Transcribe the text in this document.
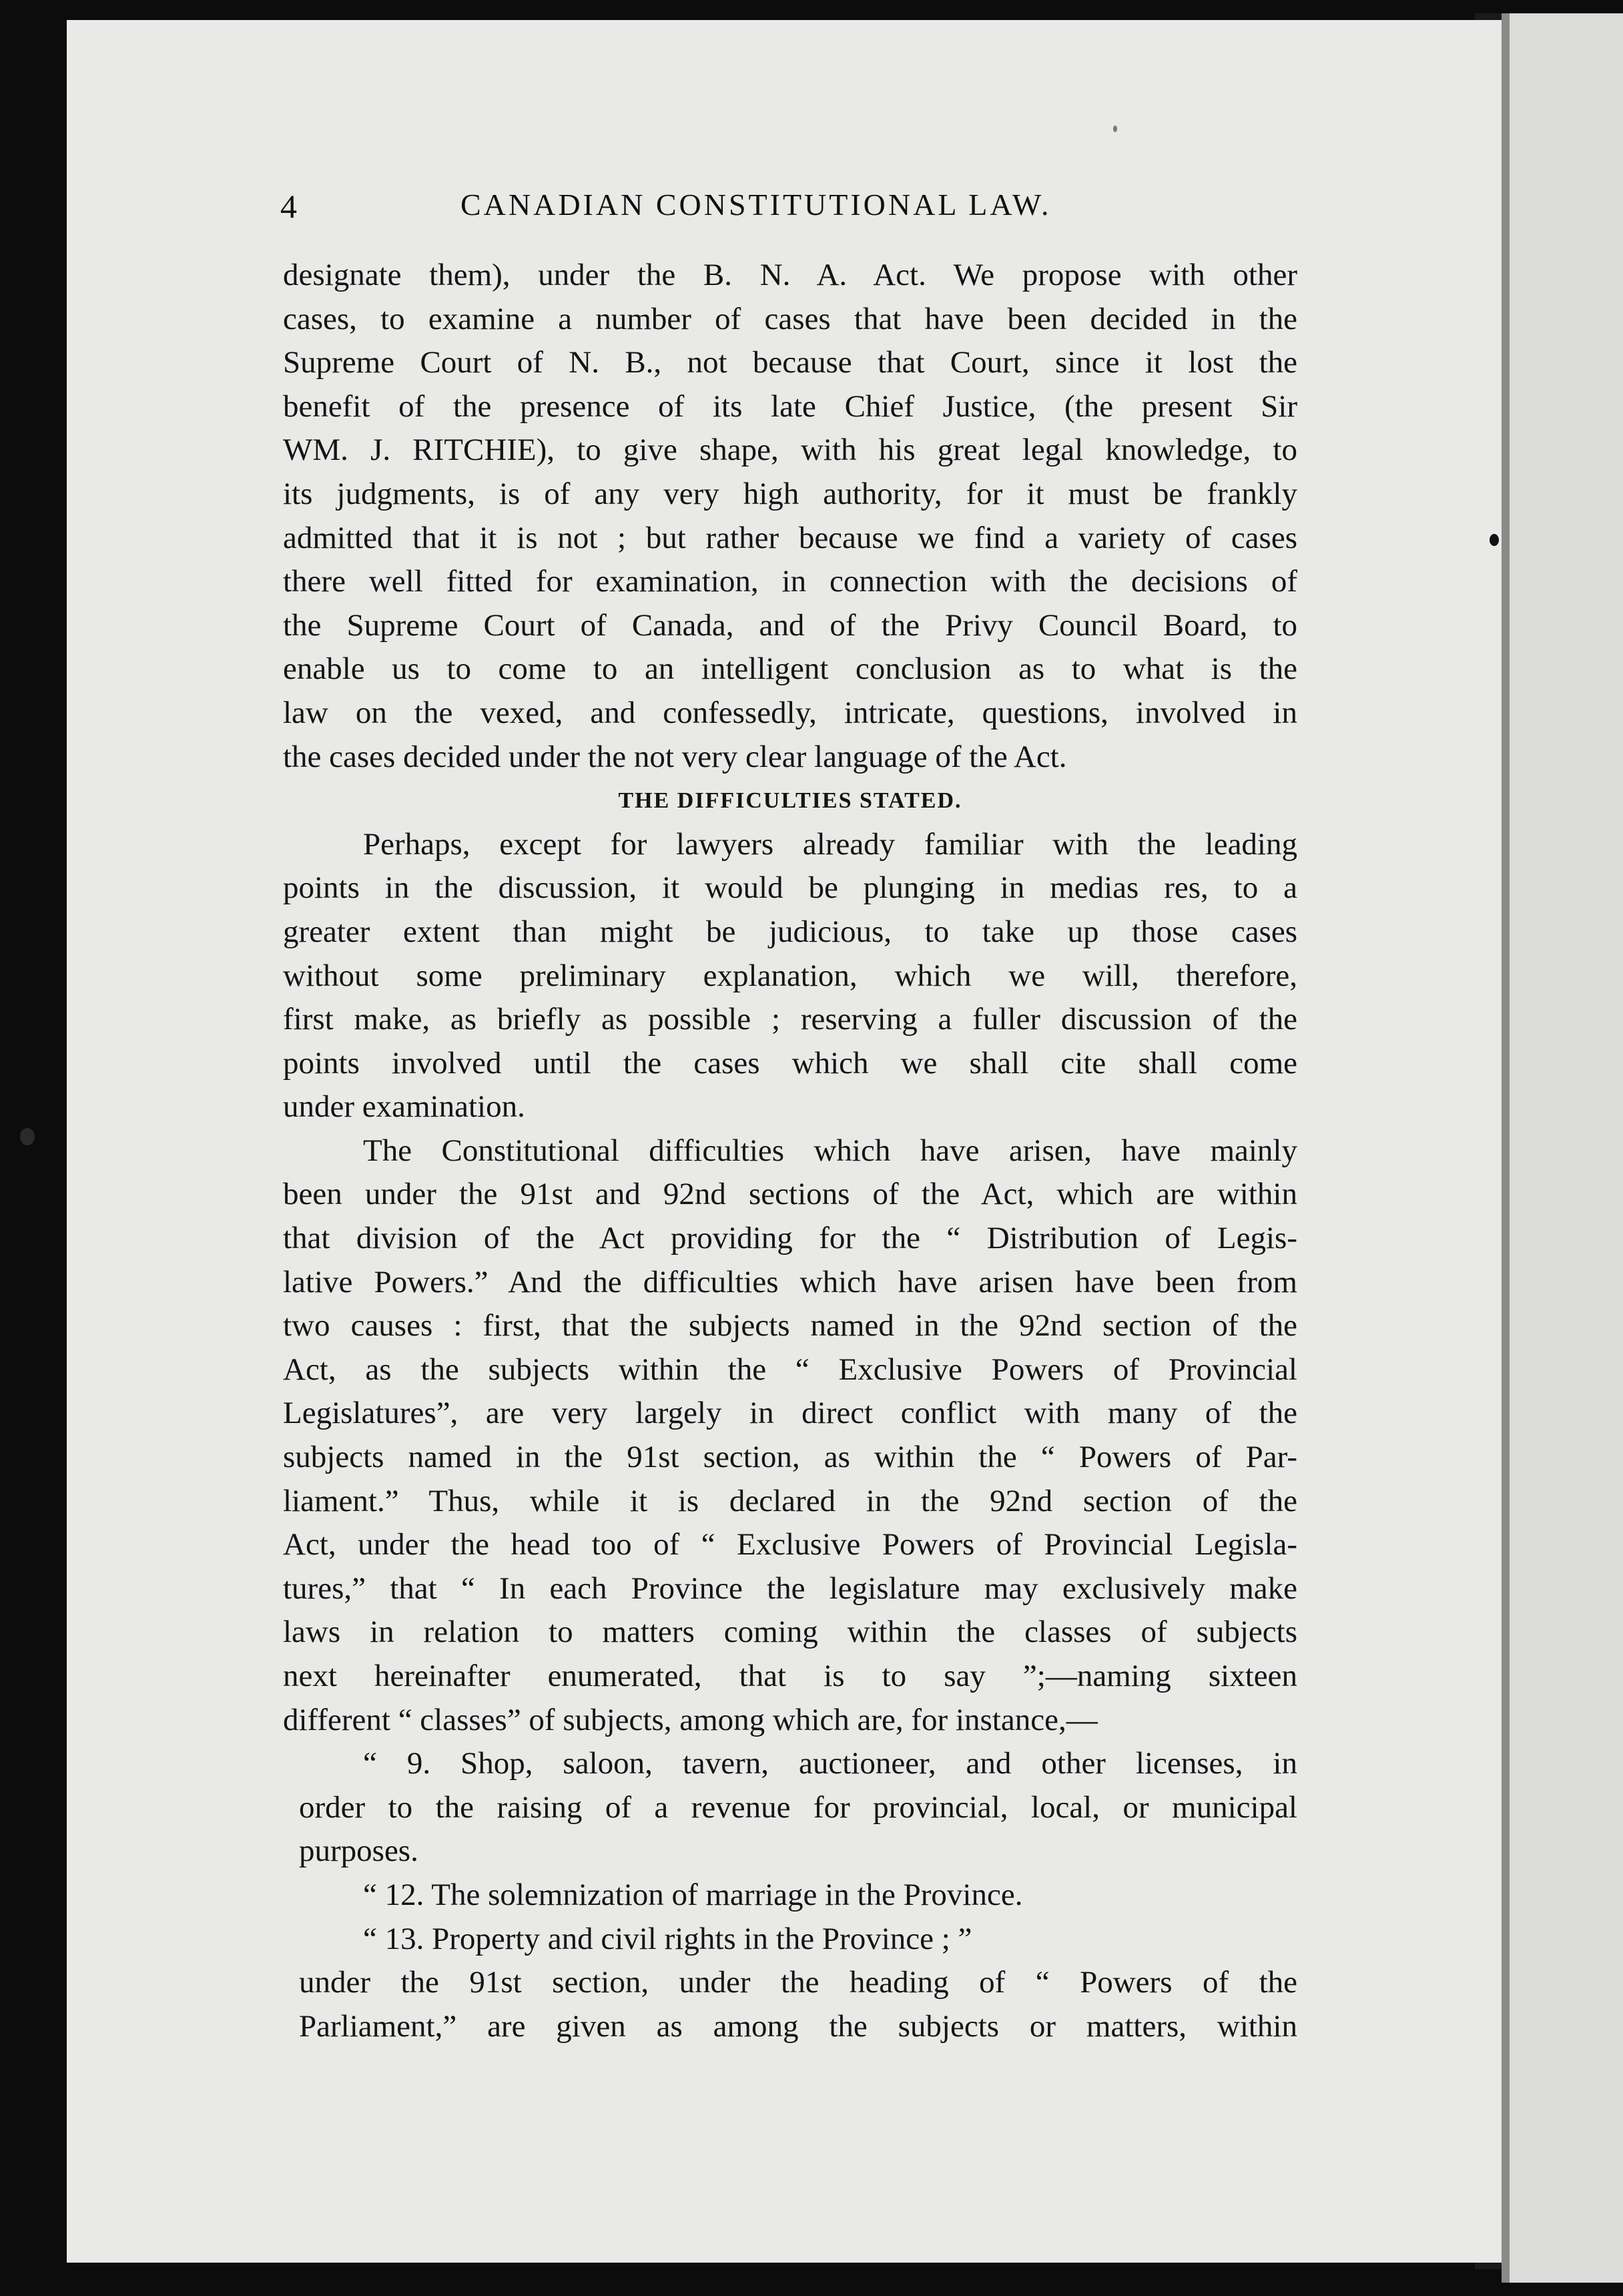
4	CANADIAN CONSTITUTIONAL LAW.
designate them), under the B. N. A. Act. We propose with other
cases, to examine a number of cases that have been decided in the
Supreme Court of N. B., not because that Court, since it lost the
benefit of the presence of its late Chief Justice, (the present Sir
WM. J. RITCHIE), to give shape, with his great legal knowledge, to
its judgments, is of any very high authority, for it must be frankly
admitted that it is not ; but rather because we find a variety of cases
there well fitted for examination, in connection with the decisions of
the Supreme Court of Canada, and of the Privy Council Board, to
enable us to come to an intelligent conclusion as to what is the
law on the vexed, and confessedly, intricate, questions, involved in
the cases decided under the not very clear language of the Act.
THE DIFFICULTIES STATED.
Perhaps, except for lawyers already familiar with the leading
points in the discussion, it would be plunging in medias res, to a
greater extent than might be judicious, to take up those cases
without some preliminary explanation, which we will, therefore,
first make, as briefly as possible ; reserving a fuller discussion of the
points involved until the cases which we shall cite shall come
under examination.
The Constitutional difficulties which have arisen, have mainly
been under the 91st and 92nd sections of the Act, which are within
that division of the Act providing for the “ Distribution of Legis-
lative Powers.” And the difficulties which have arisen have been from
two causes : first, that the subjects named in the 92nd section of the
Act, as the subjects within the “ Exclusive Powers of Provincial
Legislatures”, are very largely in direct conflict with many of the
subjects named in the 91st section, as within the “ Powers of Par-
liament.” Thus, while it is declared in the 92nd section of the
Act, under the head too of “ Exclusive Powers of Provincial Legisla-
tures,” that “ In each Province the legislature may exclusively make
laws in relation to matters coming within the classes of subjects
next hereinafter enumerated, that is to say ”;—naming sixteen
different “ classes” of subjects, among which are, for instance,—
“ 9. Shop, saloon, tavern, auctioneer, and other licenses, in
order to the raising of a revenue for provincial, local, or municipal
purposes.
“ 12. The solemnization of marriage in the Province.
“ 13. Property and civil rights in the Province ; ”
under the 91st section, under the heading of “ Powers of the
Parliament,” are given as among the subjects or matters, within
